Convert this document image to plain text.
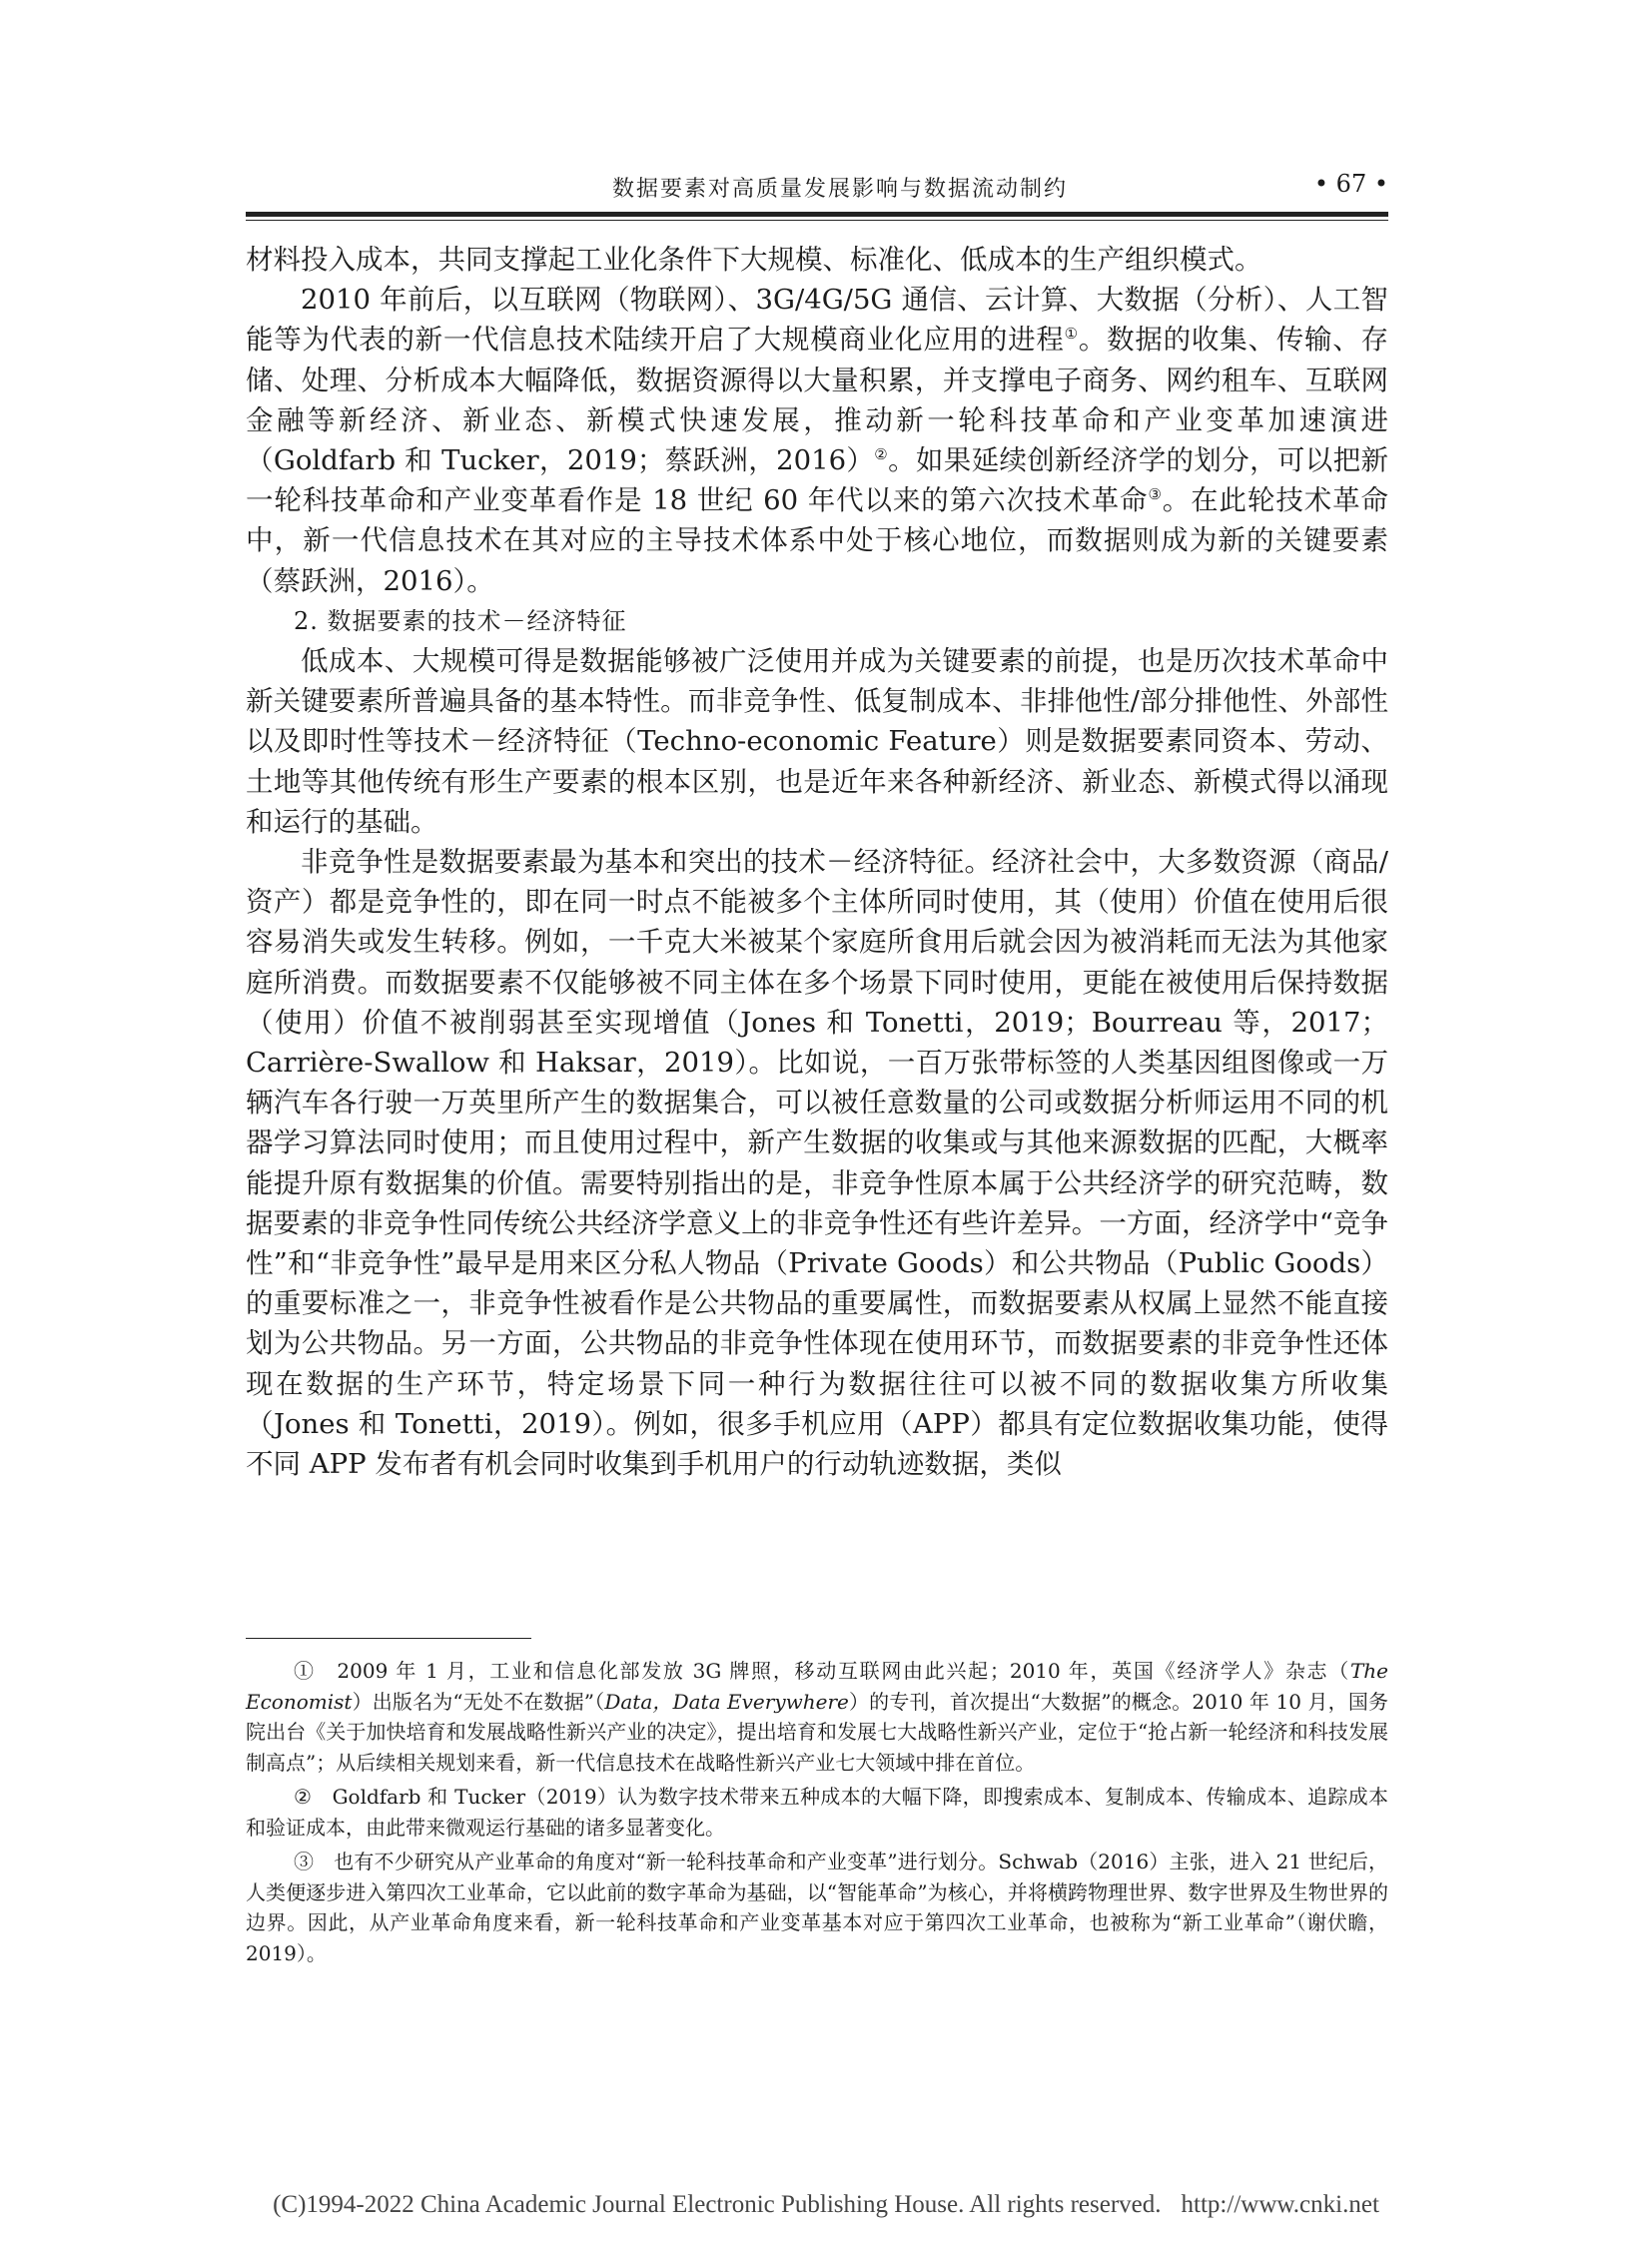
数据要素对高质量发展影响与数据流动制约	• 67 •

材料投入成本，共同支撑起工业化条件下大规模、标准化、低成本的生产组织模式。

2010 年前后，以互联网（物联网）、3G/4G/5G 通信、云计算、大数据（分析）、人工智能等为代表的新一代信息技术陆续开启了大规模商业化应用的进程①。数据的收集、传输、存储、处理、分析成本大幅降低，数据资源得以大量积累，并支撑电子商务、网约租车、互联网金融等新经济、新业态、新模式快速发展，推动新一轮科技革命和产业变革加速演进（Goldfarb 和 Tucker，2019；蔡跃洲，2016）②。如果延续创新经济学的划分，可以把新一轮科技革命和产业变革看作是 18 世纪 60 年代以来的第六次技术革命③。在此轮技术革命中，新一代信息技术在其对应的主导技术体系中处于核心地位，而数据则成为新的关键要素（蔡跃洲，2016）。

2. 数据要素的技术－经济特征

低成本、大规模可得是数据能够被广泛使用并成为关键要素的前提，也是历次技术革命中新关键要素所普遍具备的基本特性。而非竞争性、低复制成本、非排他性/部分排他性、外部性以及即时性等技术－经济特征（Techno-economic Feature）则是数据要素同资本、劳动、土地等其他传统有形生产要素的根本区别，也是近年来各种新经济、新业态、新模式得以涌现和运行的基础。

非竞争性是数据要素最为基本和突出的技术－经济特征。经济社会中，大多数资源（商品/资产）都是竞争性的，即在同一时点不能被多个主体所同时使用，其（使用）价值在使用后很容易消失或发生转移。例如，一千克大米被某个家庭所食用后就会因为被消耗而无法为其他家庭所消费。而数据要素不仅能够被不同主体在多个场景下同时使用，更能在被使用后保持数据（使用）价值不被削弱甚至实现增值（Jones 和 Tonetti，2019；Bourreau 等，2017；Carrière-Swallow 和 Haksar，2019）。比如说，一百万张带标签的人类基因组图像或一万辆汽车各行驶一万英里所产生的数据集合，可以被任意数量的公司或数据分析师运用不同的机器学习算法同时使用；而且使用过程中，新产生数据的收集或与其他来源数据的匹配，大概率能提升原有数据集的价值。需要特别指出的是，非竞争性原本属于公共经济学的研究范畴，数据要素的非竞争性同传统公共经济学意义上的非竞争性还有些许差异。一方面，经济学中“竞争性”和“非竞争性”最早是用来区分私人物品（Private Goods）和公共物品（Public Goods）的重要标准之一，非竞争性被看作是公共物品的重要属性，而数据要素从权属上显然不能直接划为公共物品。另一方面，公共物品的非竞争性体现在使用环节，而数据要素的非竞争性还体现在数据的生产环节，特定场景下同一种行为数据往往可以被不同的数据收集方所收集（Jones 和 Tonetti，2019）。例如，很多手机应用（APP）都具有定位数据收集功能，使得不同 APP 发布者有机会同时收集到手机用户的行动轨迹数据，类似

①　2009 年 1 月，工业和信息化部发放 3G 牌照，移动互联网由此兴起；2010 年，英国《经济学人》杂志（The Economist）出版名为“无处不在数据”（Data，Data Everywhere）的专刊，首次提出“大数据”的概念。2010 年 10 月，国务院出台《关于加快培育和发展战略性新兴产业的决定》，提出培育和发展七大战略性新兴产业，定位于“抢占新一轮经济和科技发展制高点”；从后续相关规划来看，新一代信息技术在战略性新兴产业七大领域中排在首位。

②　Goldfarb 和 Tucker（2019）认为数字技术带来五种成本的大幅下降，即搜索成本、复制成本、传输成本、追踪成本和验证成本，由此带来微观运行基础的诸多显著变化。

③　也有不少研究从产业革命的角度对“新一轮科技革命和产业变革”进行划分。Schwab（2016）主张，进入 21 世纪后，人类便逐步进入第四次工业革命，它以此前的数字革命为基础，以“智能革命”为核心，并将横跨物理世界、数字世界及生物世界的边界。因此，从产业革命角度来看，新一轮科技革命和产业变革基本对应于第四次工业革命，也被称为“新工业革命”（谢伏瞻，2019）。

(C)1994-2022 China Academic Journal Electronic Publishing House. All rights reserved. http://www.cnki.net
